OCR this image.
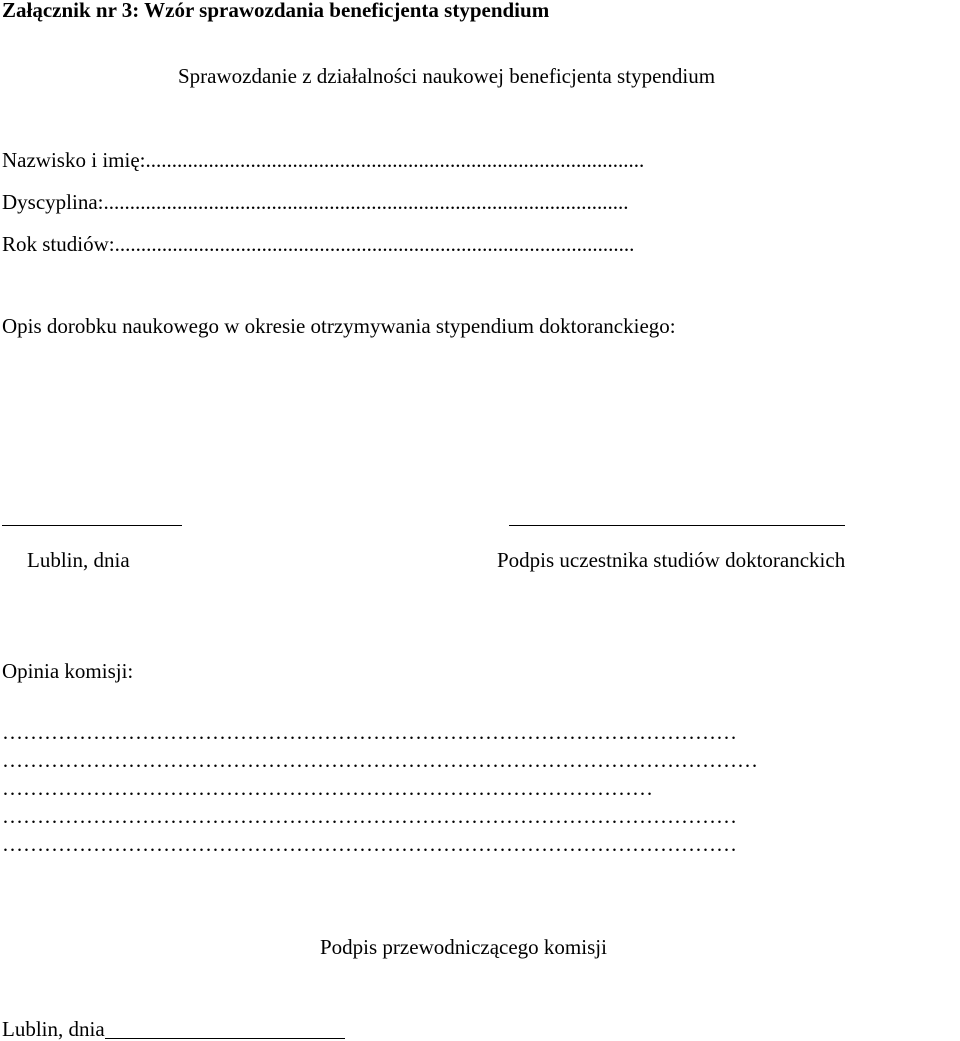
Załącznik nr 3: Wzór sprawozdania beneficjenta stypendium
Sprawozdanie z działalności naukowej beneficjenta stypendium
Nazwisko i imię:...............................................................................................
Dyscyplina:....................................................................................................
Rok studiów:...................................................................................................
Opis dorobku naukowego w okresie otrzymywania stypendium doktoranckiego:
Lublin, dnia	Podpis uczestnika studiów doktoranckich
Opinia komisji:
……………………………………………………………………………………………
………………………………………………………………………………………………
…………………………………………………………………………………
……………………………………………………………………………………………
……………………………………………………………………………………………
Podpis przewodniczącego komisji
Lublin, dnia
